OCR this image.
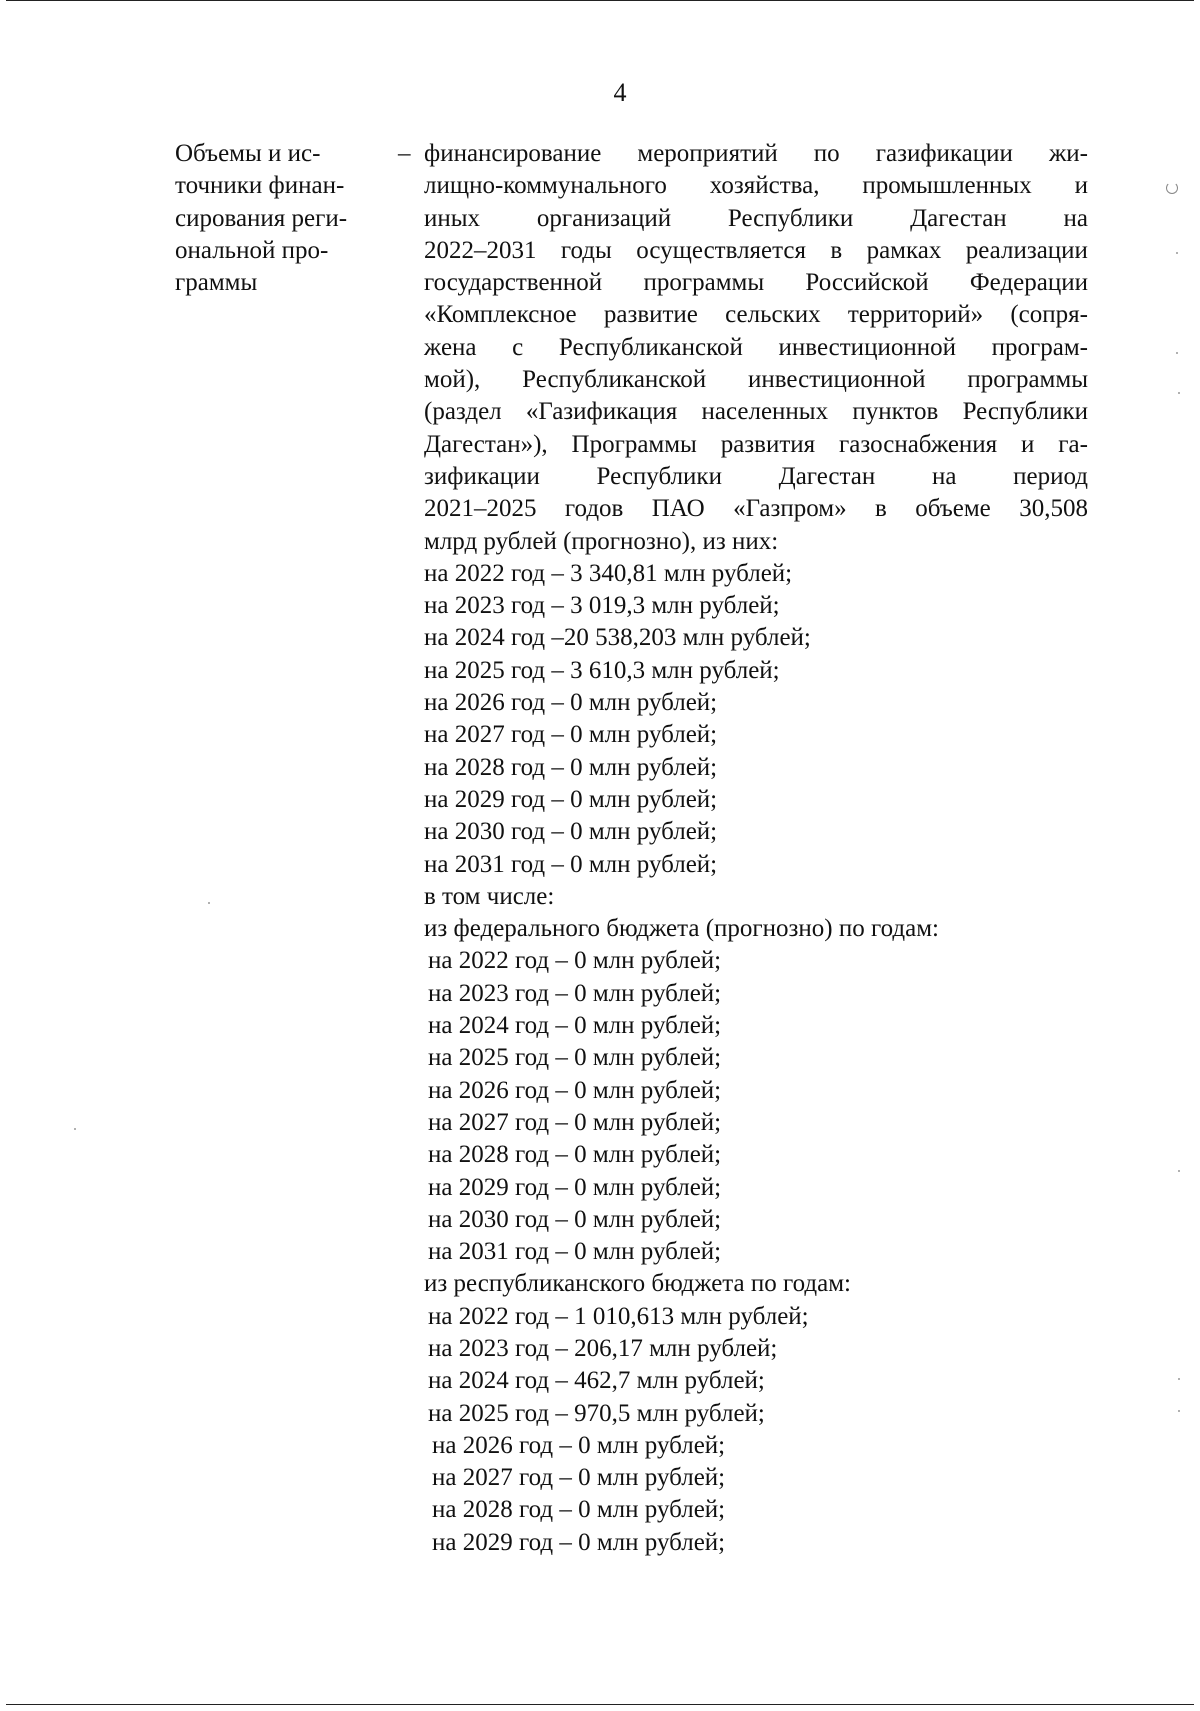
4
Объемы и ис-
точники финан-
сирования реги-
ональной про-
граммы
– финансирование мероприятий по газификации жи-
лищно-коммунального хозяйства, промышленных и
иных организаций Республики Дагестан на
2022–2031 годы осуществляется в рамках реализации
государственной программы Российской Федерации
«Комплексное развитие сельских территорий» (сопря-
жена с Республиканской инвестиционной програм-
мой), Республиканской инвестиционной программы
(раздел «Газификация населенных пунктов Республики
Дагестан»), Программы развития газоснабжения и га-
зификации Республики Дагестан на период
2021–2025 годов ПАО «Газпром» в объеме 30,508
млрд рублей (прогнозно), из них:
на 2022 год – 3 340,81 млн рублей;
на 2023 год – 3 019,3 млн рублей;
на 2024 год –20 538,203 млн рублей;
на 2025 год – 3 610,3 млн рублей;
на 2026 год – 0 млн рублей;
на 2027 год – 0 млн рублей;
на 2028 год – 0 млн рублей;
на 2029 год – 0 млн рублей;
на 2030 год – 0 млн рублей;
на 2031 год – 0 млн рублей;
в том числе:
из федерального бюджета (прогнозно) по годам:
на 2022 год – 0 млн рублей;
на 2023 год – 0 млн рублей;
на 2024 год – 0 млн рублей;
на 2025 год – 0 млн рублей;
на 2026 год – 0 млн рублей;
на 2027 год – 0 млн рублей;
на 2028 год – 0 млн рублей;
на 2029 год – 0 млн рублей;
на 2030 год – 0 млн рублей;
на 2031 год – 0 млн рублей;
из республиканского бюджета по годам:
на 2022 год – 1 010,613 млн рублей;
на 2023 год – 206,17 млн рублей;
на 2024 год – 462,7 млн рублей;
на 2025 год – 970,5 млн рублей;
на 2026 год – 0 млн рублей;
на 2027 год – 0 млн рублей;
на 2028 год – 0 млн рублей;
на 2029 год – 0 млн рублей;
